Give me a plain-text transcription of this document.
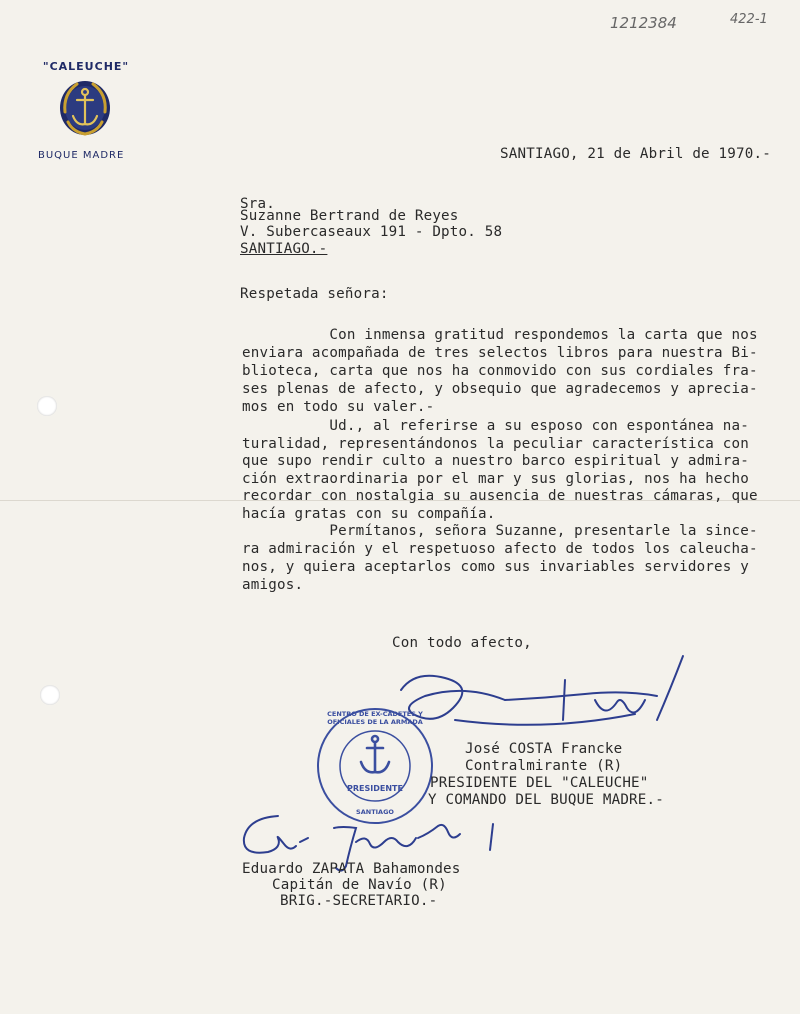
1212384	422-1
"CALEUCHE"
BUQUE MADRE	SANTIAGO, 21 de Abril de 1970.-
Sra.
Suzanne Bertrand de Reyes
V. Subercaseaux 191 - Dpto. 58
SANTIAGO.-
Respetada señora:
Con inmensa gratitud respondemos la carta que nos
enviara acompañada de tres selectos libros para nuestra Bi-
blioteca, carta que nos ha conmovido con sus cordiales fra-
ses plenas de afecto, y obsequio que agradecemos y aprecia-
mos en todo su valer.-
Ud., al referirse a su esposo con espontánea na-
turalidad, representándonos la peculiar característica con
que supo rendir culto a nuestro barco espiritual y admira-
ción extraordinaria por el mar y sus glorias, nos ha hecho
recordar con nostalgia su ausencia de nuestras cámaras, que
hacía gratas con su compañía.
Permítanos, señora Suzanne, presentarle la since-
ra admiración y el respetuoso afecto de todos los caleucha-
nos, y quiera aceptarlos como sus invariables servidores y
amigos.
Con todo afecto,
CENTRO DE EX-CADETES Y OFICIALES DE LA ARMADA
PRESIDENTE
SANTIAGO
José COSTA Francke
Contralmirante (R)
PRESIDENTE DEL "CALEUCHE"
Y COMANDO DEL BUQUE MADRE.-
Eduardo ZAPATA Bahamondes
Capitán de Navío (R)
BRIG.-SECRETARIO.-
